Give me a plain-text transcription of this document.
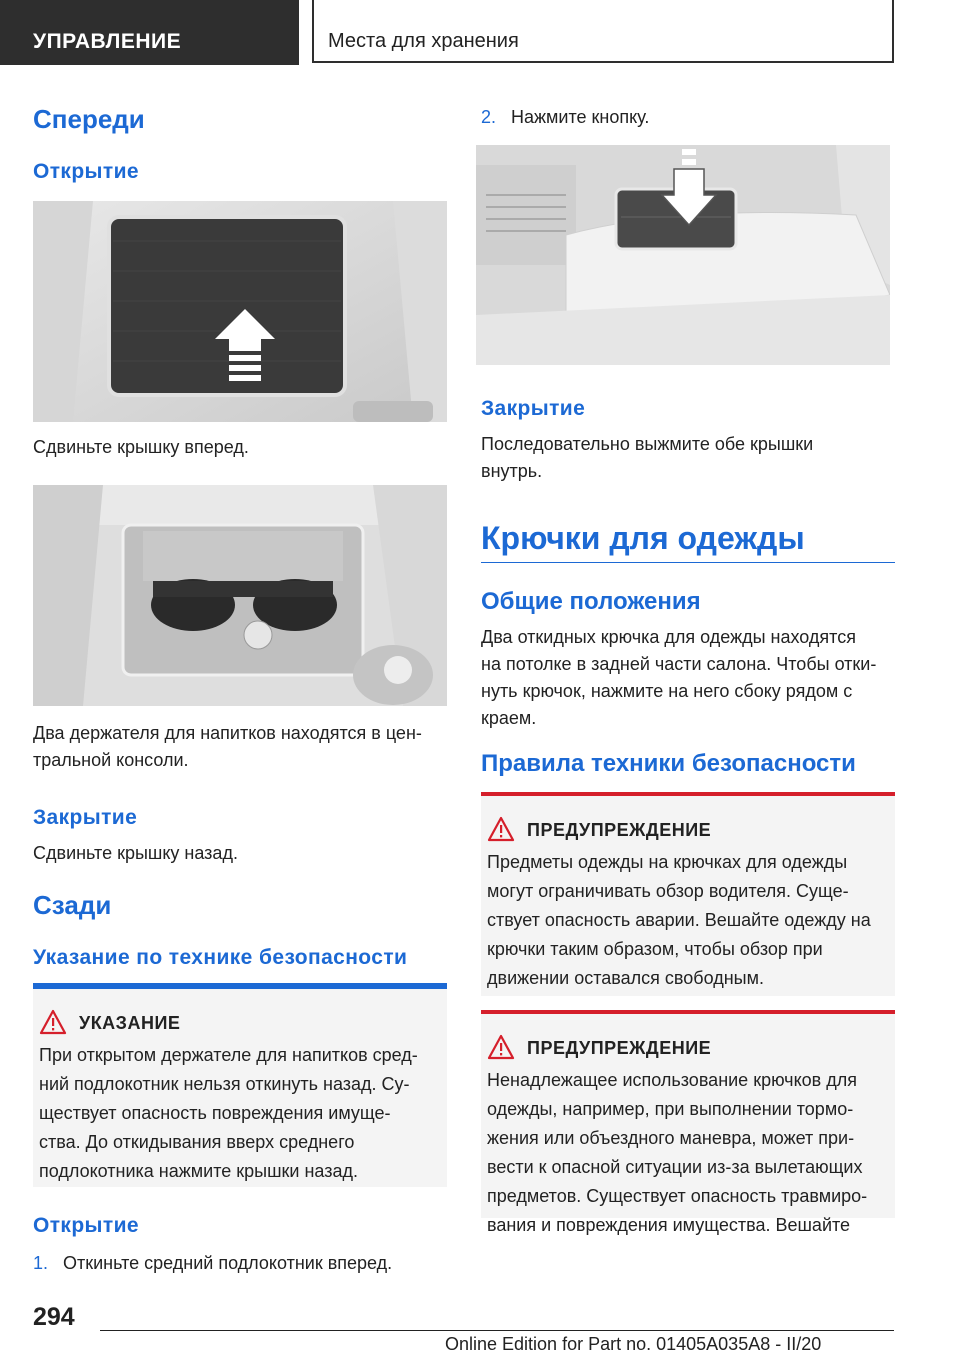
УПРАВЛЕНИЕ	Места для хранения
Спереди
Открытие
Сдвиньте крышку вперед.
Два держателя для напитков находятся в цен-
тральной консоли.
Закрытие
Сдвиньте крышку назад.
Сзади
Указание по технике безопасности
УКАЗАНИЕ
При открытом держателе для напитков сред-
ний подлокотник нельзя откинуть назад. Су-
ществует опасность повреждения имуще-
ства. До откидывания вверх среднего
подлокотника нажмите крышки назад.
Открытие
1. Откиньте средний подлокотник вперед.
2. Нажмите кнопку.
Закрытие
Последовательно выжмите обе крышки
внутрь.
Крючки для одежды
Общие положения
Два откидных крючка для одежды находятся
на потолке в задней части салона. Чтобы отки-
нуть крючок, нажмите на него сбоку рядом с
краем.
Правила техники безопасности
ПРЕДУПРЕЖДЕНИЕ
Предметы одежды на крючках для одежды
могут ограничивать обзор водителя. Суще-
ствует опасность аварии. Вешайте одежду на
крючки таким образом, чтобы обзор при
движении оставался свободным.
ПРЕДУПРЕЖДЕНИЕ
Ненадлежащее использование крючков для
одежды, например, при выполнении тормо-
жения или объездного маневра, может при-
вести к опасной ситуации из-за вылетающих
предметов. Существует опасность травмиро-
вания и повреждения имущества. Вешайте
294
Online Edition for Part no. 01405A035A8 - II/20
